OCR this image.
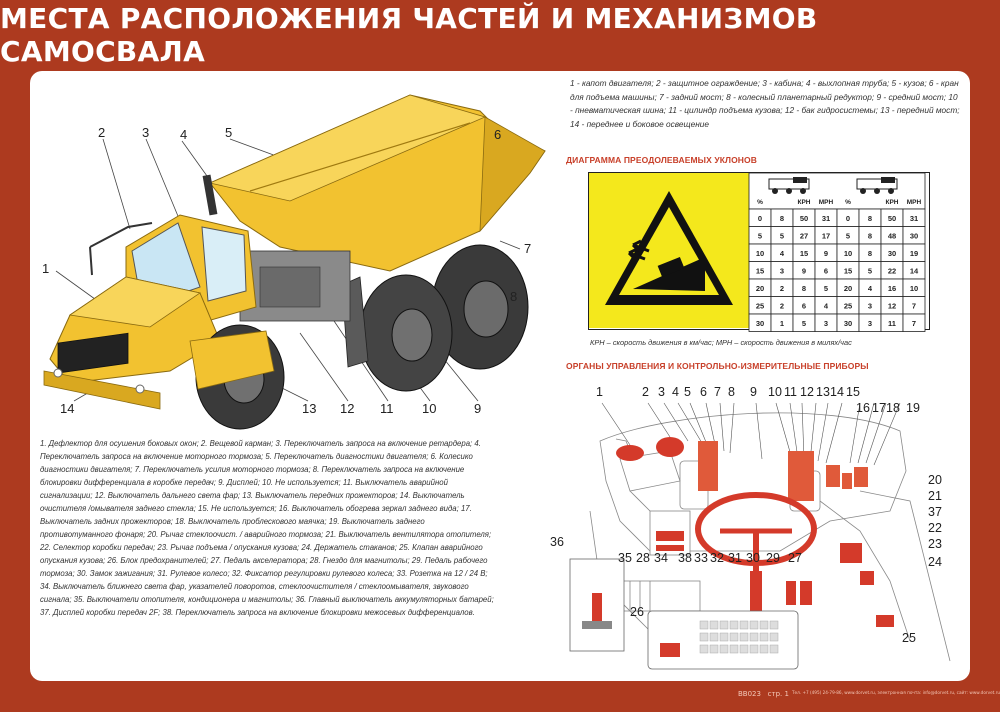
МЕСТА РАСПОЛОЖЕНИЯ ЧАСТЕЙ И МЕХАНИЗМОВ САМОСВАЛА
1
2	3 4	5	6
7
8
9
10
11
12
13
14
1 - капот двигателя; 2 - защитное ограждение; 3 - кабина; 4 - выхлопная труба; 5 - кузов; 6 - кран для подъема машины; 7 - задний мост; 8 - колесный планетарный редуктор; 9 - средний мост; 10 - пневматическая шина; 11 - цилиндр подъема кузова; 12 - бак гидросистемы; 13 - передний мост; 14 - переднее и боковое освещение
ДИАГРАММА ПРЕОДОЛЕВАЕМЫХ УКЛОНОВ
%	КРН МРН %	КРН МРН
0 8 50 31 0 8 50 31
5 5 27 17 5 8 48 30
10 4 15 9 10 8 30 19
15 3 9 6 15 5 22 14
20 2 8 5 20 4 16 10
25 2 6 4 25 3 12 7
30 1 5 3 30 3 11 7
КРН – скорость движения в км/час; МРН – скорость движения в милях/час
ОРГАНЫ УПРАВЛЕНИЯ И КОНТРОЛЬНО-ИЗМЕРИТЕЛЬНЫЕ ПРИБОРЫ
1	2 3 4 5 6 7 8 9 10 11 12 13 14 15
16 17 18 19
20
21
37
22
23
24
25
35 28 34 38 33 32 31 30 29 27
36
26
1. Дефлектор для осушения боковых окон; 2. Вещевой карман; 3. Переключатель запроса на включение ретардера; 4. Переключатель запроса на включение моторного тормоза; 5. Переключатель диагностики двигателя; 6. Колесико диагностики двигателя; 7. Переключатель усилия моторного тормоза; 8. Переключатель запроса на включение блокировки дифференциала в коробке передач; 9. Дисплей; 10. Не используется; 11. Выключатель аварийной сигнализации; 12. Выключатель дальнего света фар; 13. Выключатель передних прожекторов; 14. Выключатель очистителя /омывателя заднего стекла; 15. Не используется; 16. Выключатель обогрева зеркал заднего вида; 17. Выключатель задних прожекторов; 18. Выключатель проблескового маячка; 19. Выключатель заднего противотуманного фонаря; 20. Рычаг стеклоочист. / аварийного тормоза; 21. Выключатель вентилятора отопителя; 22. Селектор коробки передач; 23. Рычаг подъема / опускания кузова; 24. Держатель стаканов; 25. Клапан аварийного опускания кузова; 26. Блок предохранителей; 27. Педаль акселератора; 28. Гнездо для магнитолы; 29. Педаль рабочего тормоза; 30. Замок зажигания; 31. Рулевое колесо; 32. Фиксатор регулировки рулевого колеса; 33. Розетка на 12 / 24 В; 34. Выключатель ближнего света фар, указателей поворотов, стеклоочистителя / стеклоомывателя, звукового сигнала; 35. Выключатели отопителя, кондиционера и магнитолы; 36. Главный выключатель аккумуляторных батарей; 37. Дисплей коробки передач 2F; 38. Переключатель запроса на включение блокировки межосевых дифференциалов.
ВВ023 стр. 1 Тел. +7 (495) 24-79-86, www.dorvet.ru, электронная почта: info@dorvet.ru, сайт: www.dorvet.ru
